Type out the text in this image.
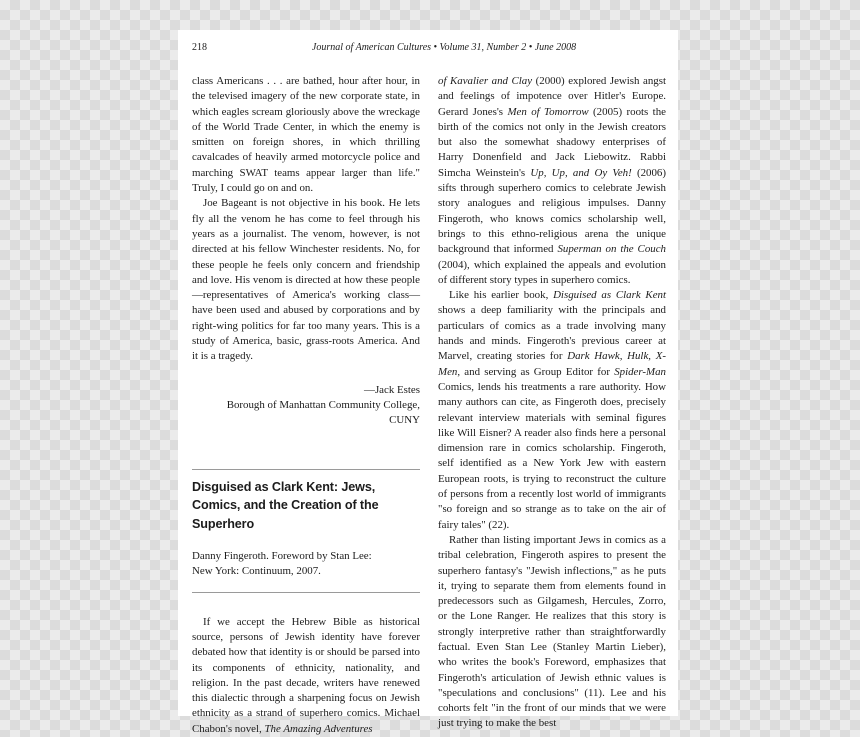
218	Journal of American Cultures • Volume 31, Number 2 • June 2008

class Americans . . . are bathed, hour after hour, in the televised imagery of the new corporate state, in which eagles scream gloriously above the wreckage of the World Trade Center, in which the enemy is smitten on foreign shores, in which thrilling cavalcades of heavily armed motorcycle police and marching SWAT teams appear larger than life." Truly, I could go on and on.

Joe Bageant is not objective in his book. He lets fly all the venom he has come to feel through his years as a journalist. The venom, however, is not directed at his fellow Winchester residents. No, for these people he feels only concern and friendship and love. His venom is directed at how these people—representatives of America's working class—have been used and abused by corporations and by right-wing politics for far too many years. This is a study of America, basic, grass-roots America. And it is a tragedy.

—Jack Estes
Borough of Manhattan Community College,
CUNY
Disguised as Clark Kent: Jews, Comics, and the Creation of the Superhero
Danny Fingeroth. Foreword by Stan Lee:
New York: Continuum, 2007.

If we accept the Hebrew Bible as historical source, persons of Jewish identity have forever debated how that identity is or should be parsed into its components of ethnicity, nationality, and religion. In the past decade, writers have renewed this dialectic through a sharpening focus on Jewish ethnicity as a strand of superhero comics. Michael Chabon's novel, The Amazing Adventures

of Kavalier and Clay (2000) explored Jewish angst and feelings of impotence over Hitler's Europe. Gerard Jones's Men of Tomorrow (2005) roots the birth of the comics not only in the Jewish creators but also the somewhat shadowy enterprises of Harry Donenfield and Jack Liebowitz. Rabbi Simcha Weinstein's Up, Up, and Oy Veh! (2006) sifts through superhero comics to celebrate Jewish story analogues and religious impulses. Danny Fingeroth, who knows comics scholarship well, brings to this ethno-religious arena the unique background that informed Superman on the Couch (2004), which explained the appeals and evolution of different story types in superhero comics.

Like his earlier book, Disguised as Clark Kent shows a deep familiarity with the principals and particulars of comics as a trade involving many hands and minds. Fingeroth's previous career at Marvel, creating stories for Dark Hawk, Hulk, X-Men, and serving as Group Editor for Spider-Man Comics, lends his treatments a rare authority. How many authors can cite, as Fingeroth does, precisely relevant interview materials with seminal figures like Will Eisner? A reader also finds here a personal dimension rare in comics scholarship. Fingeroth, self identified as a New York Jew with eastern European roots, is trying to reconstruct the culture of persons from a recently lost world of immigrants "so foreign and so strange as to take on the air of fairy tales" (22).

Rather than listing important Jews in comics as a tribal celebration, Fingeroth aspires to present the superhero fantasy's "Jewish inflections," as he puts it, trying to separate them from elements found in predecessors such as Gilgamesh, Hercules, Zorro, or the Lone Ranger. He realizes that this story is strongly interpretive rather than straightforwardly factual. Even Stan Lee (Stanley Martin Lieber), who writes the book's Foreword, emphasizes that Fingeroth's articulation of Jewish ethnic values is "speculations and conclusions" (11). Lee and his cohorts felt "in the front of our minds that we were just trying to make the best
